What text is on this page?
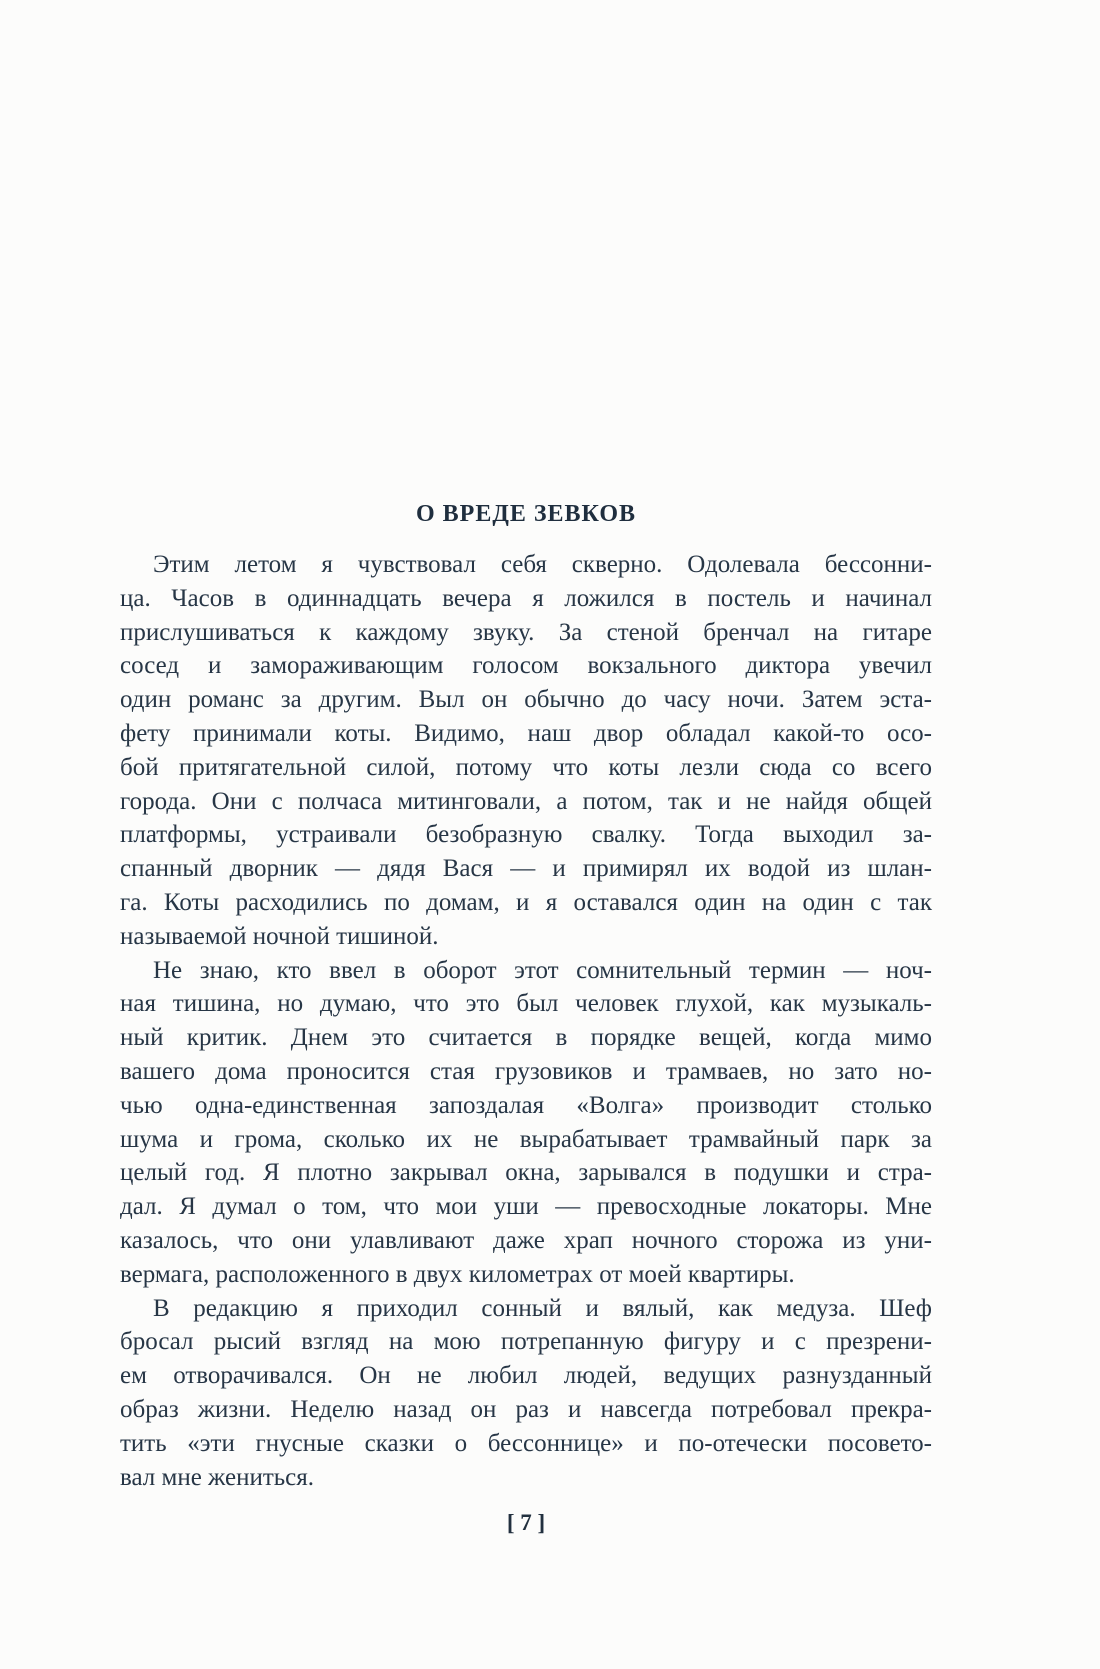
О ВРЕДЕ ЗЕВКОВ
Этим летом я чувствовал себя скверно. Одолевала бессонни-
ца. Часов в одиннадцать вечера я ложился в постель и начинал
прислушиваться к каждому звуку. За стеной бренчал на гитаре
сосед и замораживающим голосом вокзального диктора увечил
один романс за другим. Выл он обычно до часу ночи. Затем эста-
фету принимали коты. Видимо, наш двор обладал какой-то осо-
бой притягательной силой, потому что коты лезли сюда со всего
города. Они с полчаса митинговали, а потом, так и не найдя общей
платформы, устраивали безобразную свалку. Тогда выходил за-
спанный дворник — дядя Вася — и примирял их водой из шлан-
га. Коты расходились по домам, и я оставался один на один с так
называемой ночной тишиной.
Не знаю, кто ввел в оборот этот сомнительный термин — ноч-
ная тишина, но думаю, что это был человек глухой, как музыкаль-
ный критик. Днем это считается в порядке вещей, когда мимо
вашего дома проносится стая грузовиков и трамваев, но зато но-
чью одна-единственная запоздалая «Волга» производит столько
шума и грома, сколько их не вырабатывает трамвайный парк за
целый год. Я плотно закрывал окна, зарывался в подушки и стра-
дал. Я думал о том, что мои уши — превосходные локаторы. Мне
казалось, что они улавливают даже храп ночного сторожа из уни-
вермага, расположенного в двух километрах от моей квартиры.
В редакцию я приходил сонный и вялый, как медуза. Шеф
бросал рысий взгляд на мою потрепанную фигуру и с презрени-
ем отворачивался. Он не любил людей, ведущих разнузданный
образ жизни. Неделю назад он раз и навсегда потребовал прекра-
тить «эти гнусные сказки о бессоннице» и по-отечески посовето-
вал мне жениться.
[ 7 ]
